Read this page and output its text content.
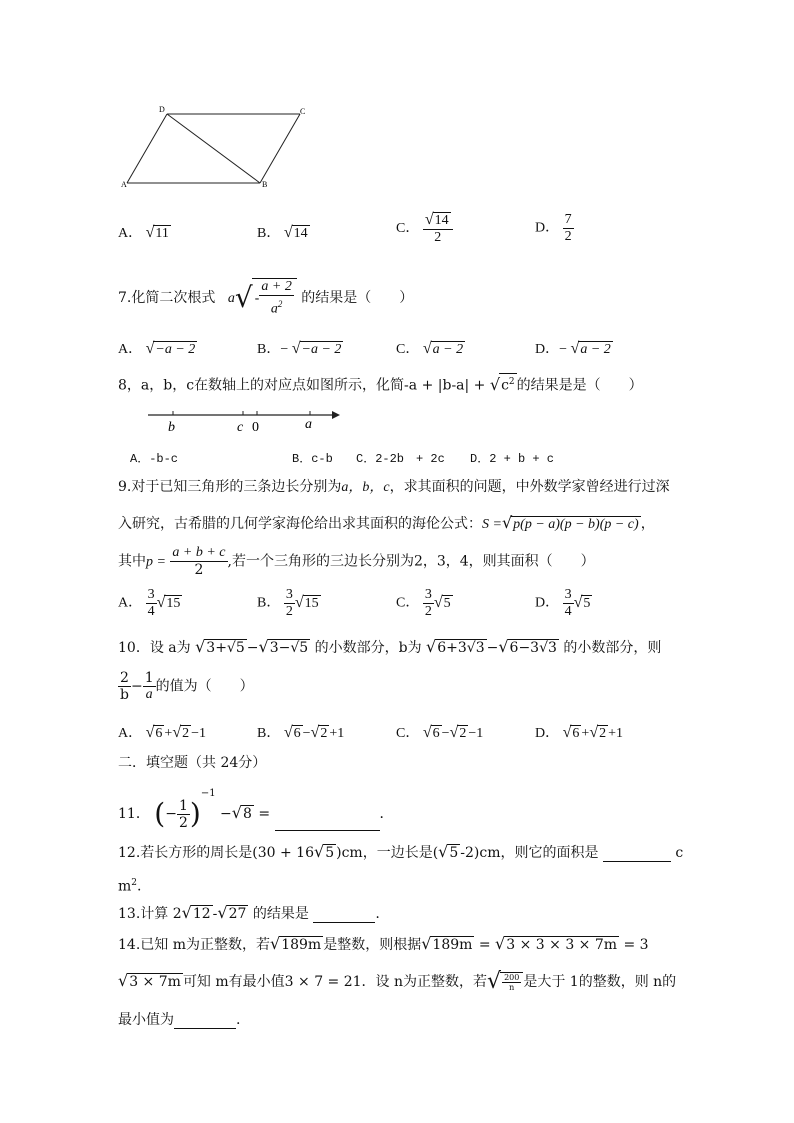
D	C
A	B
A． √11	B． √14	C． $\frac{√14}{2}$	D． $\frac{7}{2}$
7.化简二次根式 $a√ - \frac{a + 2}{a^2}$ 的结果是（　　）
A． √−a − 2	B．− √−a − 2	C． √a − 2	D．− √a − 2
8，a，b，c在数轴上的对应点如图所示，化简$-a + |b-a| + √c^2$ 的结果是是（　　）
b	c 0	a
A．-b-c	B．c-b C．2-2b　+ 2c D．2 + b + c
9.对于已知三角形的三条边长分别为a，b，c，求其面积的问题，中外数学家曾经进行过深
入研究，古希腊的几何学家海伦给出求其面积的海伦公式：S =√p(p − a)(p − b)(p − c) ，
其中$p = \frac{a + b + c}{2}$ ,若一个三角形的三边长分别为2，3，4，则其面积（　　）
A． $\frac{3}{4} √15$	B． $\frac{3}{2} √15$	C． $\frac{3}{2} √5$	D． $\frac{3}{4} √5$
10．设 a为 √3+√5 −√3−√5 的小数部分，b为 √6+3√3 −√6−3√3 的小数部分，则
$\frac{2}{b} - \frac{1}{a}$ 的值为（　　）
A． √6 +√2 −1	B． √6 −√2 +1	C． √6 −√2 −1	D． √6 +√2 +1
二．填空题（共 24分）
11． (− $\frac{1}{2} )^{-1} -√8$ =	．
12.若长方形的周长是(30 + 16√5 )cm，一边长是(√5 -2)cm，则它的面积是	c
$m^2$.
13.计算 2√12 -√27 的结果是	.
14.已知 m为正整数，若√189m 是整数，则根据√189m = √3 × 3 × 3 × 7m = 3
√3 × 7m 可知 m有最小值3 × 7 = 21．设 n为正整数，若√ $\frac{200}{n}$ 是大于 1的整数，则 n的
最小值为	.
